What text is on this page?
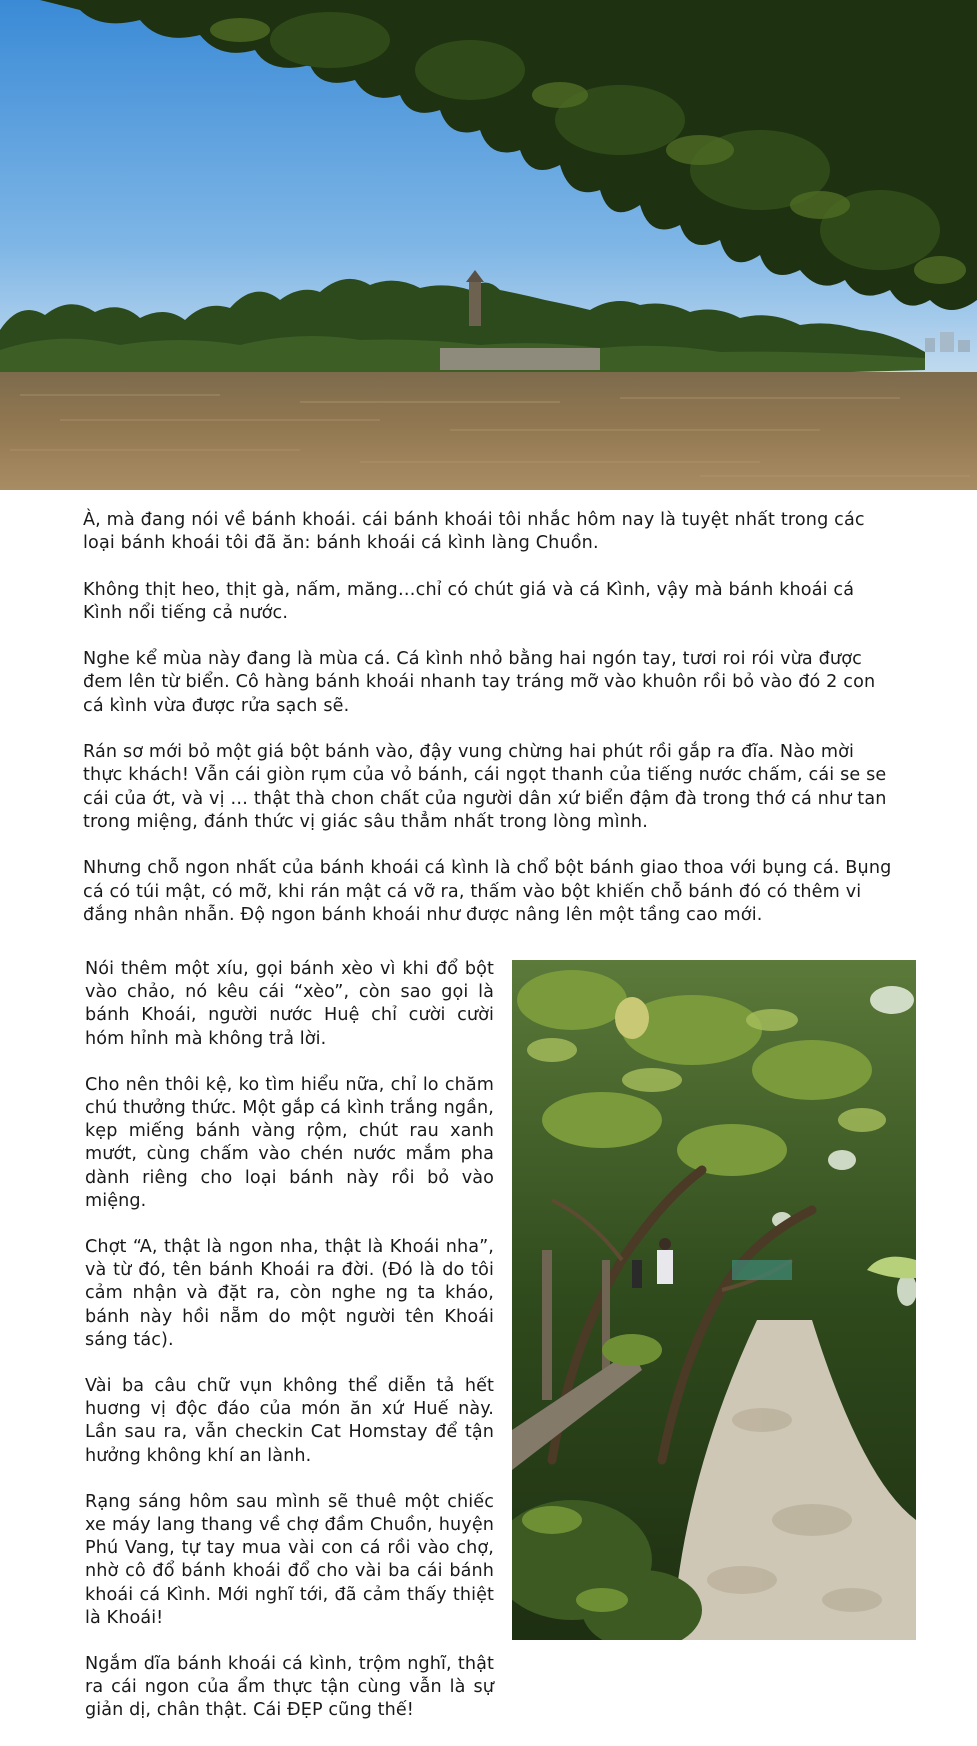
À, mà đang nói về bánh khoái. cái bánh khoái tôi nhắc hôm nay là tuyệt nhất trong các loại bánh khoái tôi đã ăn: bánh khoái cá kình làng Chuồn.

Không thịt heo, thịt gà, nấm, măng…chỉ có chút giá và cá Kình, vậy mà bánh khoái cá Kình nổi tiếng cả nước.

Nghe kể mùa này đang là mùa cá. Cá kình nhỏ bằng hai ngón tay, tươi roi rói vừa được đem lên từ biển. Cô hàng bánh khoái nhanh tay tráng mỡ vào khuôn rồi bỏ vào đó 2 con cá kình vừa được rửa sạch sẽ.

Rán sơ mới bỏ một giá bột bánh vào, đậy vung chừng hai phút rồi gắp ra đĩa. Nào mời thực khách! Vẫn cái giòn rụm của vỏ bánh, cái ngọt thanh của tiếng nước chấm, cái se se cái của ớt, và vị … thật thà chon chất của người dân xứ biển đậm đà trong thớ cá như tan trong miệng, đánh thức vị giác sâu thẳm nhất trong lòng mình.

Nhưng chỗ ngon nhất của bánh khoái cá kình là chổ bột bánh giao thoa với bụng cá. Bụng cá có túi mật, có mỡ, khi rán mật cá vỡ ra, thấm vào bột khiến chỗ bánh đó có thêm vi đắng nhân nhẫn. Độ ngon bánh khoái như được nâng lên một tầng cao mới.

Nói thêm một xíu, gọi bánh xèo vì khi đổ bột vào chảo, nó kêu cái “xèo”, còn sao gọi là bánh Khoái, người nước Huệ chỉ cười cười hóm hỉnh mà không trả lời.

Cho nên thôi kệ, ko tìm hiểu nữa, chỉ lo chăm chú thưởng thức. Một gắp cá kình trắng ngần, kẹp miếng bánh vàng rộm, chút rau xanh mướt, cùng chấm vào chén nước mắm pha dành riêng cho loại bánh này rồi bỏ vào miệng.

Chợt “A, thật là ngon nha, thật là Khoái nha”, và từ đó, tên bánh Khoái ra đời. (Đó là do tôi cảm nhận và đặt ra, còn nghe ng ta kháo, bánh này hồi nẵm do một người tên Khoái sáng tác).

Vài ba câu chữ vụn không thể diễn tả hết huơng vị độc đáo của món ăn xứ Huế này. Lần sau ra, vẫn checkin Cat Homstay để tận hưởng không khí an lành.

Rạng sáng hôm sau mình sẽ thuê một chiếc xe máy lang thang về chợ đầm Chuồn, huyện Phú Vang, tự tay mua vài con cá rồi vào chợ, nhờ cô đổ bánh khoái đổ cho vài ba cái bánh khoái cá Kình. Mới nghĩ tới, đã cảm thấy thiệt là Khoái!

Ngắm dĩa bánh khoái cá kình, trộm nghĩ, thật ra cái ngon của ẩm thực tận cùng vẫn là sự giản dị, chân thật. Cái ĐẸP cũng thế!
